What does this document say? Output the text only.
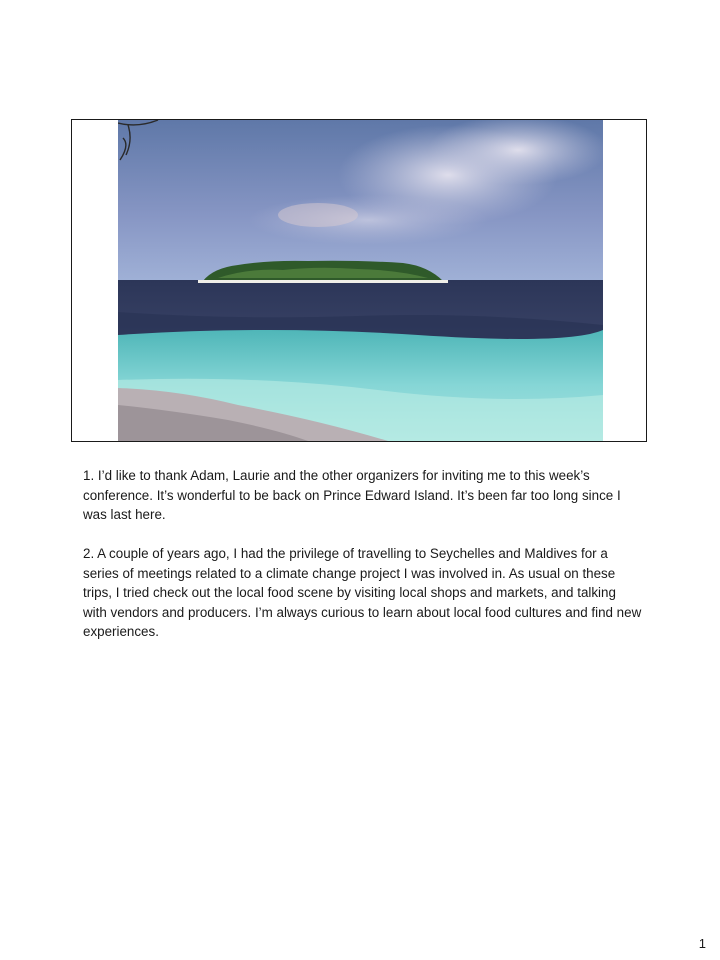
1. I’d like to thank Adam, Laurie and the other organizers for inviting me to this week’s conference. It’s wonderful to be back on Prince Edward Island. It’s been far too long since I was last here.

2. A couple of years ago, I had the privilege of travelling to Seychelles and Maldives for a series of meetings related to a climate change project I was involved in. As usual on these trips, I tried check out the local food scene by visiting local shops and markets, and talking with vendors and producers. I’m always curious to learn about local food cultures and find new experiences.

1
